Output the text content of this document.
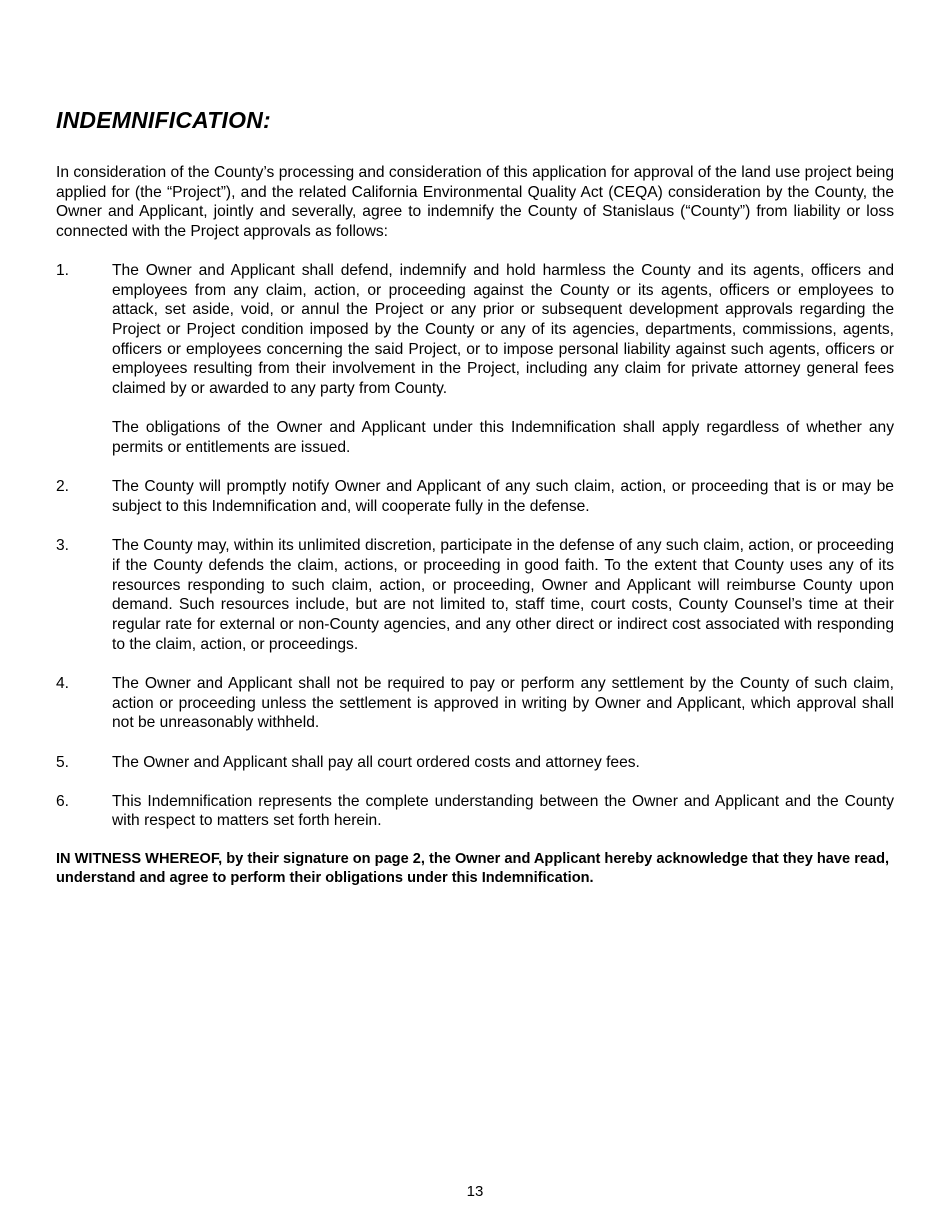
INDEMNIFICATION:

In consideration of the County’s processing and consideration of this application for approval of the land use project being applied for (the “Project”), and the related California Environmental Quality Act (CEQA) consideration by the County, the Owner and Applicant, jointly and severally, agree to indemnify the County of Stanislaus (“County”) from liability or loss connected with the Project approvals as follows:

1.	The Owner and Applicant shall defend, indemnify and hold harmless the County and its agents, officers and employees from any claim, action, or proceeding against the County or its agents, officers or employees to attack, set aside, void, or annul the Project or any prior or subsequent development approvals regarding the Project or Project condition imposed by the County or any of its agencies, departments, commissions, agents, officers or employees concerning the said Project, or to impose personal liability against such agents, officers or employees resulting from their involvement in the Project, including any claim for private attorney general fees claimed by or awarded to any party from County.
The obligations of the Owner and Applicant under this Indemnification shall apply regardless of whether any permits or entitlements are issued.
2.	The County will promptly notify Owner and Applicant of any such claim, action, or proceeding that is or may be subject to this Indemnification and, will cooperate fully in the defense.
3.	The County may, within its unlimited discretion, participate in the defense of any such claim, action, or proceeding if the County defends the claim, actions, or proceeding in good faith. To the extent that County uses any of its resources responding to such claim, action, or proceeding, Owner and Applicant will reimburse County upon demand. Such resources include, but are not limited to, staff time, court costs, County Counsel’s time at their regular rate for external or non-County agencies, and any other direct or indirect cost associated with responding to the claim, action, or proceedings.
4.	The Owner and Applicant shall not be required to pay or perform any settlement by the County of such claim, action or proceeding unless the settlement is approved in writing by Owner and Applicant, which approval shall not be unreasonably withheld.
5.	The Owner and Applicant shall pay all court ordered costs and attorney fees.
6.	This Indemnification represents the complete understanding between the Owner and Applicant and the County with respect to matters set forth herein.

IN WITNESS WHEREOF, by their signature on page 2, the Owner and Applicant hereby acknowledge that they have read, understand and agree to perform their obligations under this Indemnification.

13
